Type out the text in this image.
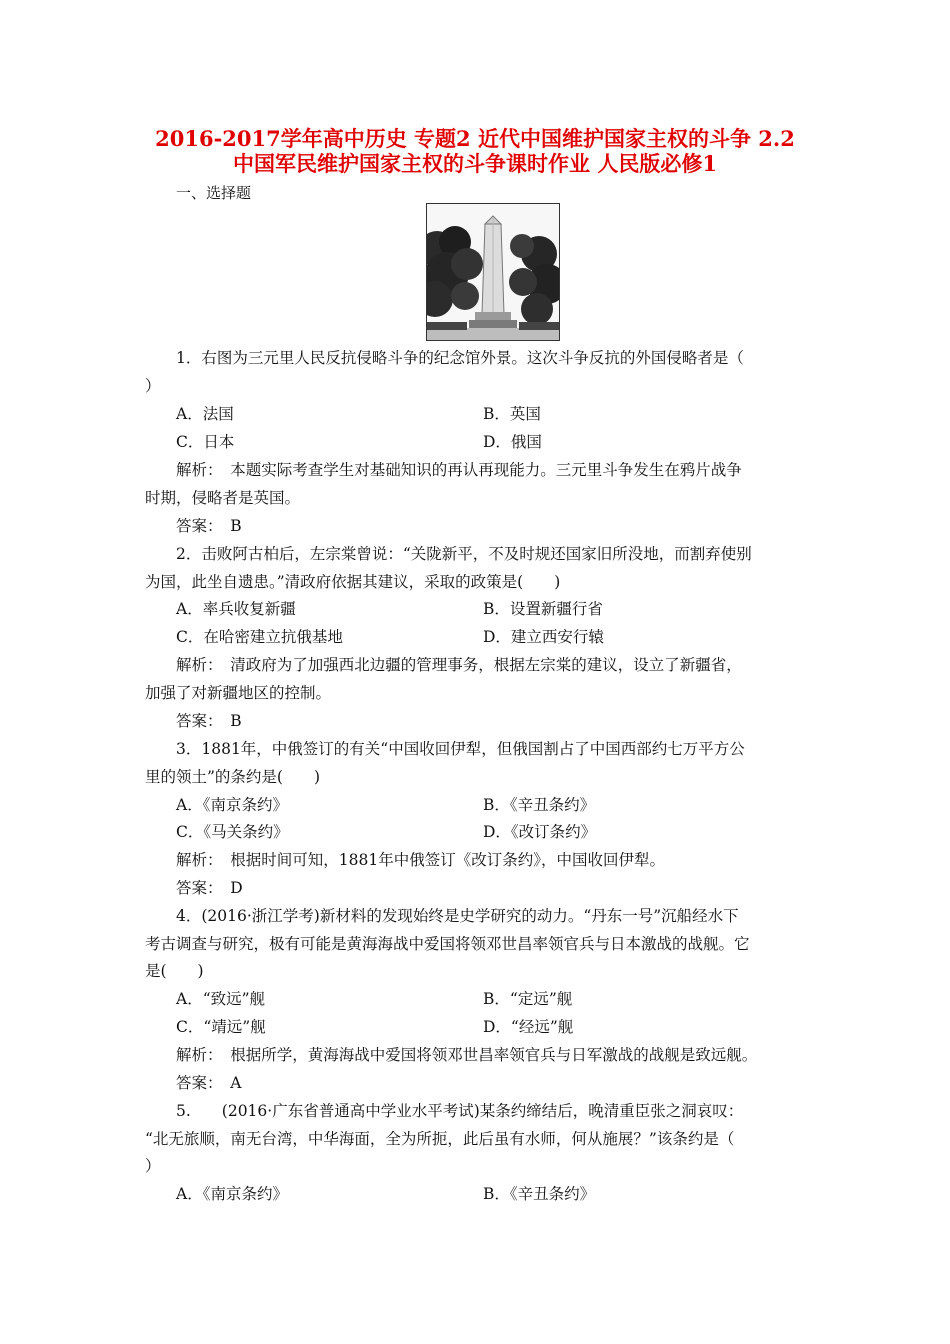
2016-2017学年高中历史 专题2 近代中国维护国家主权的斗争 2.2
中国军民维护国家主权的斗争课时作业 人民版必修1
一、选择题
1．右图为三元里人民反抗侵略斗争的纪念馆外景。这次斗争反抗的外国侵略者是（
）
A．法国	B．英国
C．日本	D．俄国
解析：　本题实际考查学生对基础知识的再认再现能力。三元里斗争发生在鸦片战争
时期，侵略者是英国。
答案：　B
2．击败阿古柏后，左宗棠曾说：“关陇新平，不及时规还国家旧所没地，而割弃使别
为国，此坐自遗患。”清政府依据其建议，采取的政策是(　　)
A．率兵收复新疆	B．设置新疆行省
C．在哈密建立抗俄基地	D．建立西安行辕
解析：　清政府为了加强西北边疆的管理事务，根据左宗棠的建议，设立了新疆省，
加强了对新疆地区的控制。
答案：　B
3．1881年，中俄签订的有关“中国收回伊犁，但俄国割占了中国西部约七万平方公
里的领土”的条约是(　　)
A．《南京条约》	B．《辛丑条约》
C．《马关条约》	D．《改订条约》
解析：　根据时间可知，1881年中俄签订《改订条约》，中国收回伊犁。
答案：　D
4．(2016·浙江学考)新材料的发现始终是史学研究的动力。“丹东一号”沉船经水下
考古调查与研究，极有可能是黄海海战中爱国将领邓世昌率领官兵与日本激战的战舰。它
是(　　)
A．“致远”舰	B．“定远”舰
C．“靖远”舰	D．“经远”舰
解析：　根据所学，黄海海战中爱国将领邓世昌率领官兵与日军激战的战舰是致远舰。
答案：　A
5.　　(2016·广东省普通高中学业水平考试)某条约缔结后，晚清重臣张之洞哀叹：
“北无旅顺，南无台湾，中华海面，全为所扼，此后虽有水师，何从施展？”该条约是（
）
A．《南京条约》	B．《辛丑条约》
